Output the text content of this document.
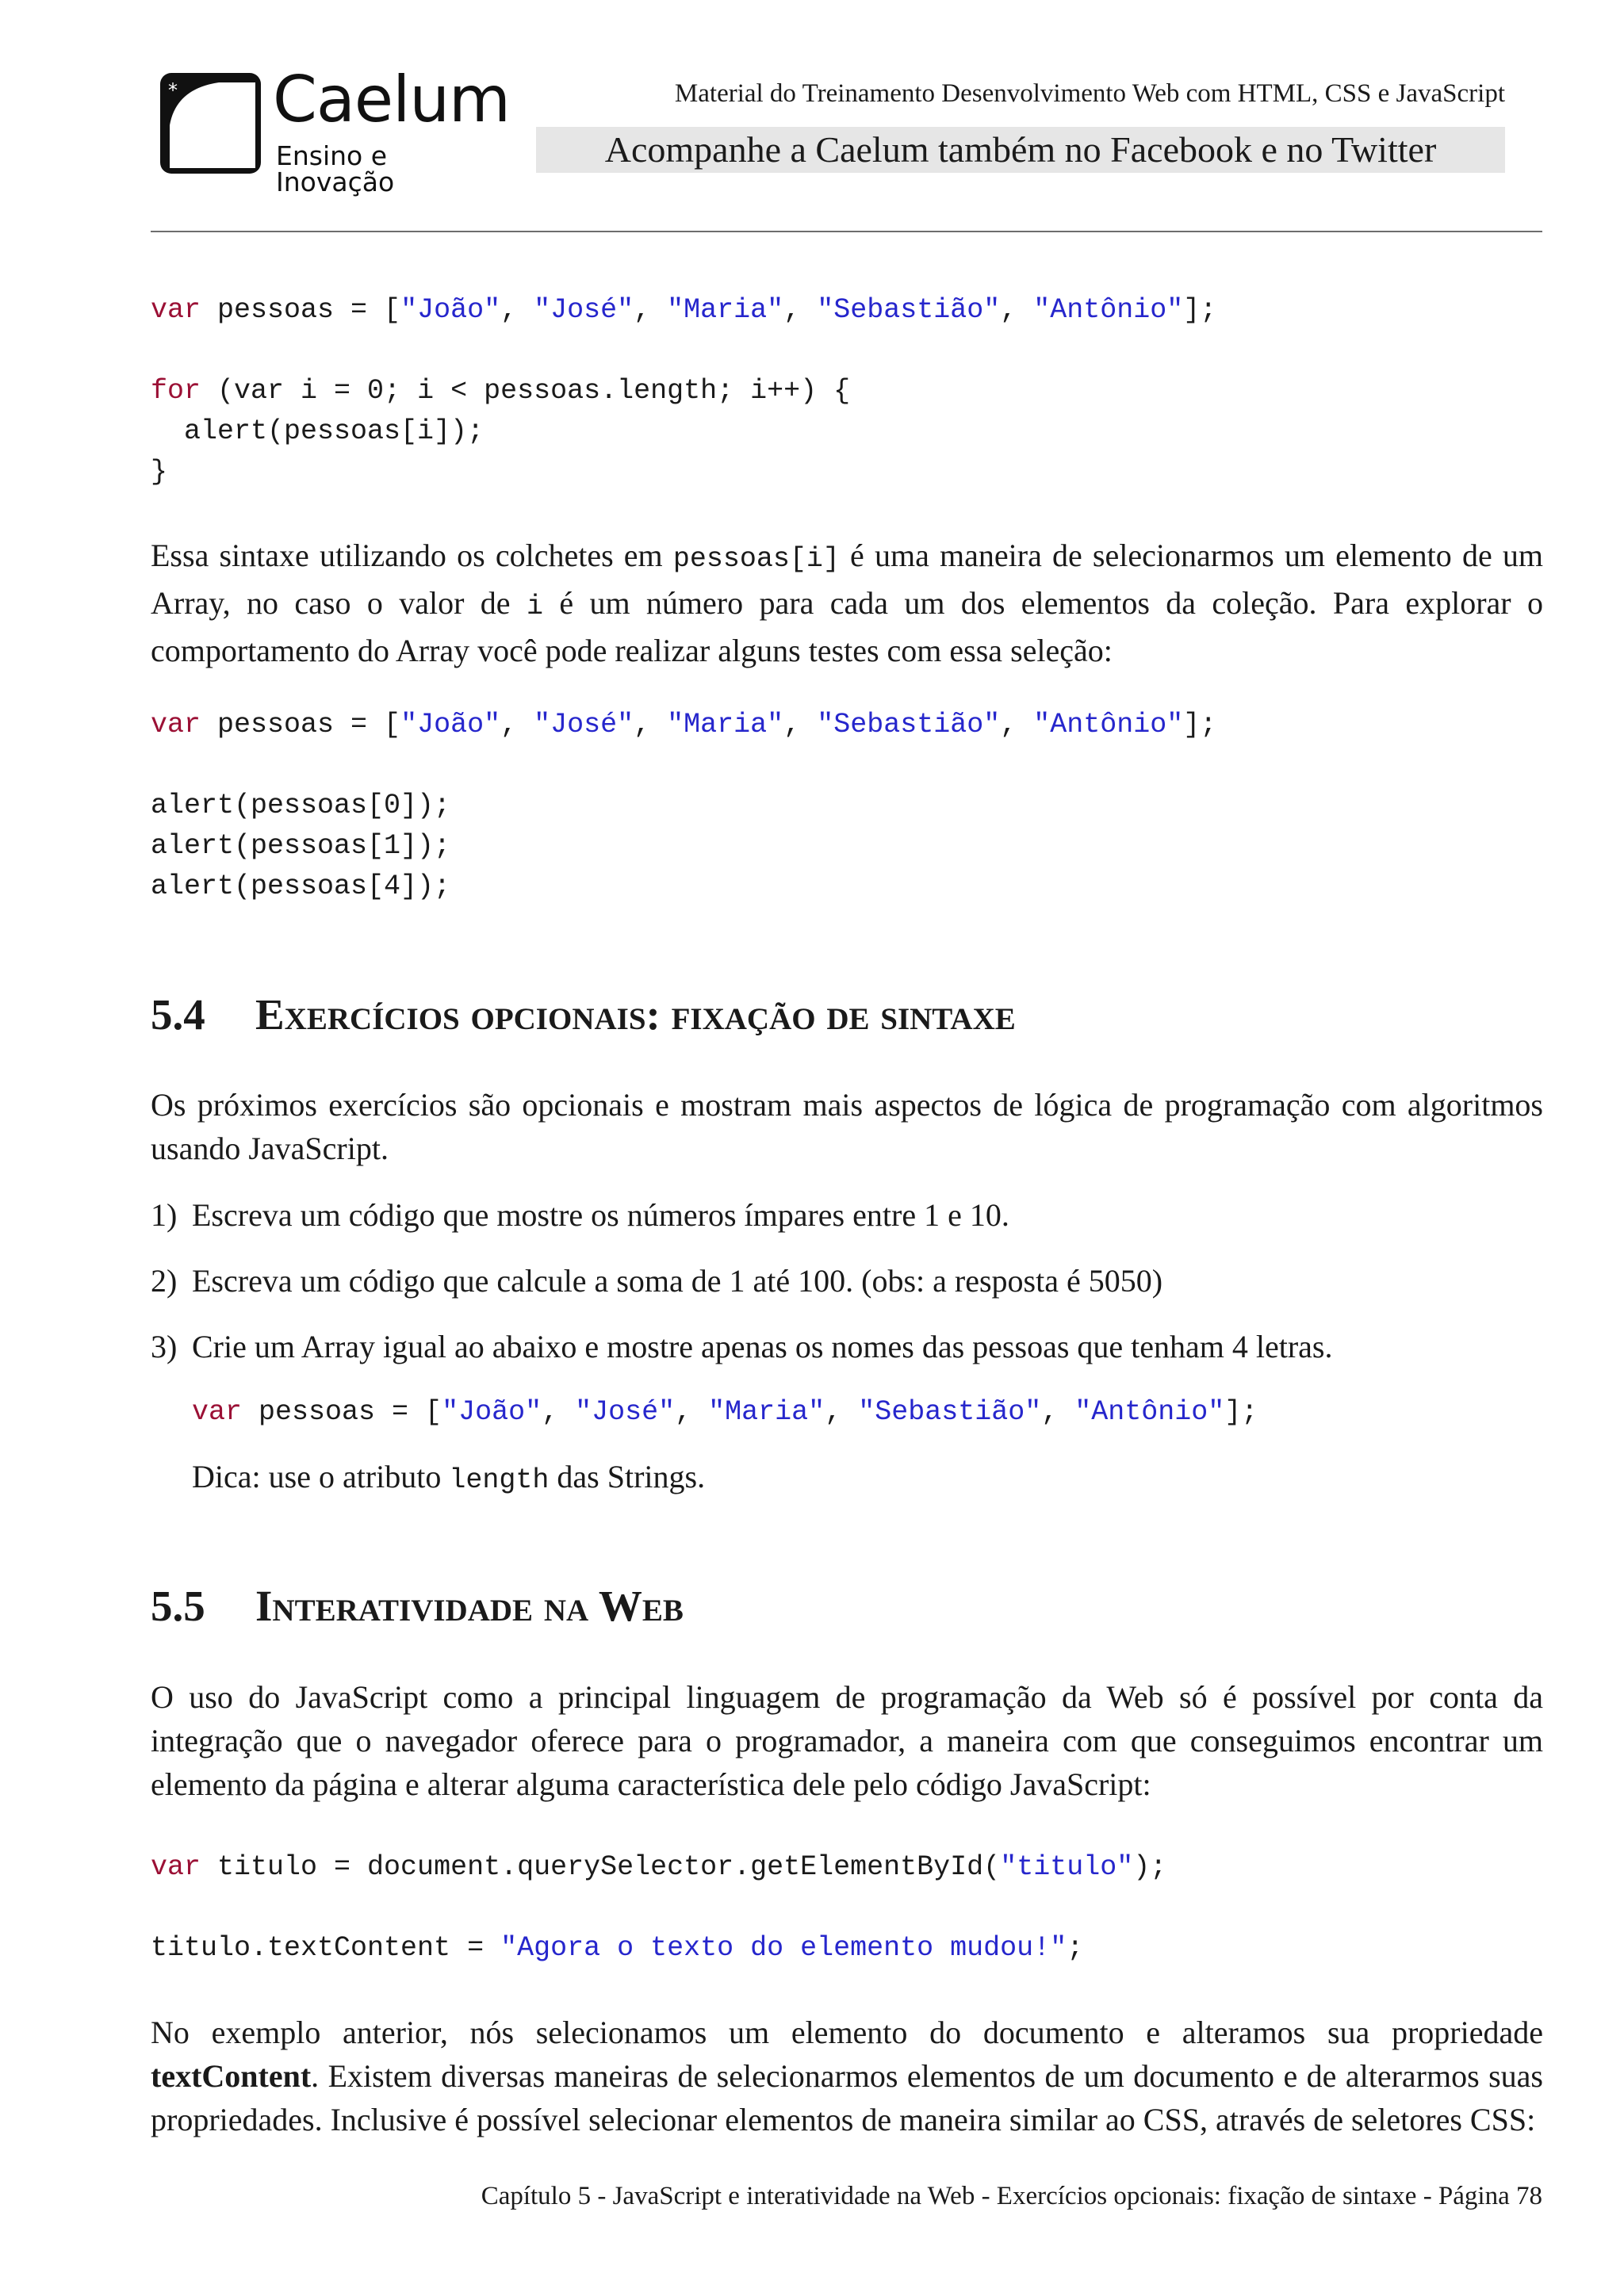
* Caelum
Ensino e Inovação
Material do Treinamento Desenvolvimento Web com HTML, CSS e JavaScript
Acompanhe a Caelum também no Facebook e no Twitter
var pessoas = ["João", "José", "Maria", "Sebastião", "Antônio"];

for (var i = 0; i < pessoas.length; i++) {
alert(pessoas[i]);
}

Essa sintaxe utilizando os colchetes em pessoas[i] é uma maneira de selecionarmos um elemento de um Array, no caso o valor de i é um número para cada um dos elementos da coleção. Para explorar o comportamento do Array você pode realizar alguns testes com essa seleção:

var pessoas = ["João", "José", "Maria", "Sebastião", "Antônio"];

alert(pessoas[0]);
alert(pessoas[1]);
alert(pessoas[4]);
5.4 Exercícios opcionais: fixação de sintaxe

Os próximos exercícios são opcionais e mostram mais aspectos de lógica de programação com algoritmos usando JavaScript.

1) Escreva um código que mostre os números ímpares entre 1 e 10.
2) Escreva um código que calcule a soma de 1 até 100. (obs: a resposta é 5050)
3) Crie um Array igual ao abaixo e mostre apenas os nomes das pessoas que tenham 4 letras.
var pessoas = ["João", "José", "Maria", "Sebastião", "Antônio"];
Dica: use o atributo length das Strings.
5.5 Interatividade na Web

O uso do JavaScript como a principal linguagem de programação da Web só é possível por conta da integração que o navegador oferece para o programador, a maneira com que conseguimos encontrar um elemento da página e alterar alguma característica dele pelo código JavaScript:

var titulo = document.querySelector.getElementById("titulo");

titulo.textContent = "Agora o texto do elemento mudou!";

No exemplo anterior, nós selecionamos um elemento do documento e alteramos sua propriedade textContent. Existem diversas maneiras de selecionarmos elementos de um documento e de alterarmos suas propriedades. Inclusive é possível selecionar elementos de maneira similar ao CSS, através de seletores CSS:

Capítulo 5 - JavaScript e interatividade na Web - Exercícios opcionais: fixação de sintaxe - Página 78
